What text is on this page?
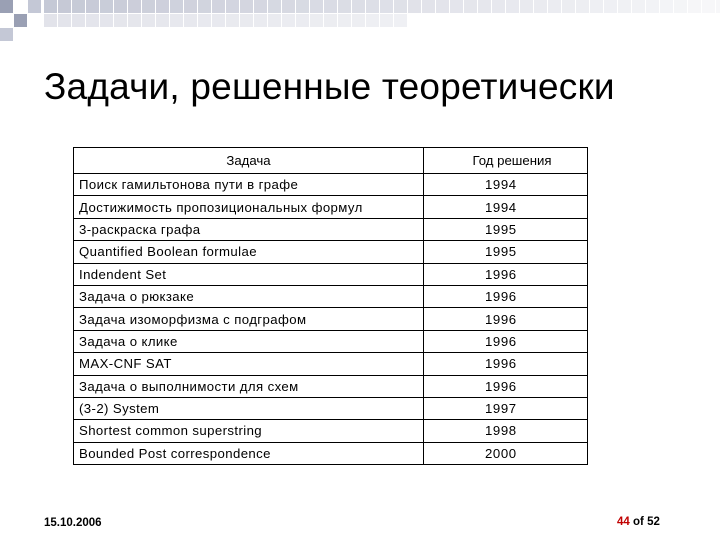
Задачи, решенные теоретически
Задача	Год решения
Поиск гамильтонова пути в графе	1994
Достижимость пропозициональных формул	1994
3-раскраска графа	1995
Quantified Boolean formulae	1995
Indendent Set	1996
Задача о рюкзаке	1996
Задача изоморфизма с подграфом	1996
Задача о клике	1996
MAX-CNF SAT	1996
Задача о выполнимости для схем	1996
(3-2) System	1997
Shortest common superstring	1998
Bounded Post correspondence	2000
15.10.2006	44 of 52
